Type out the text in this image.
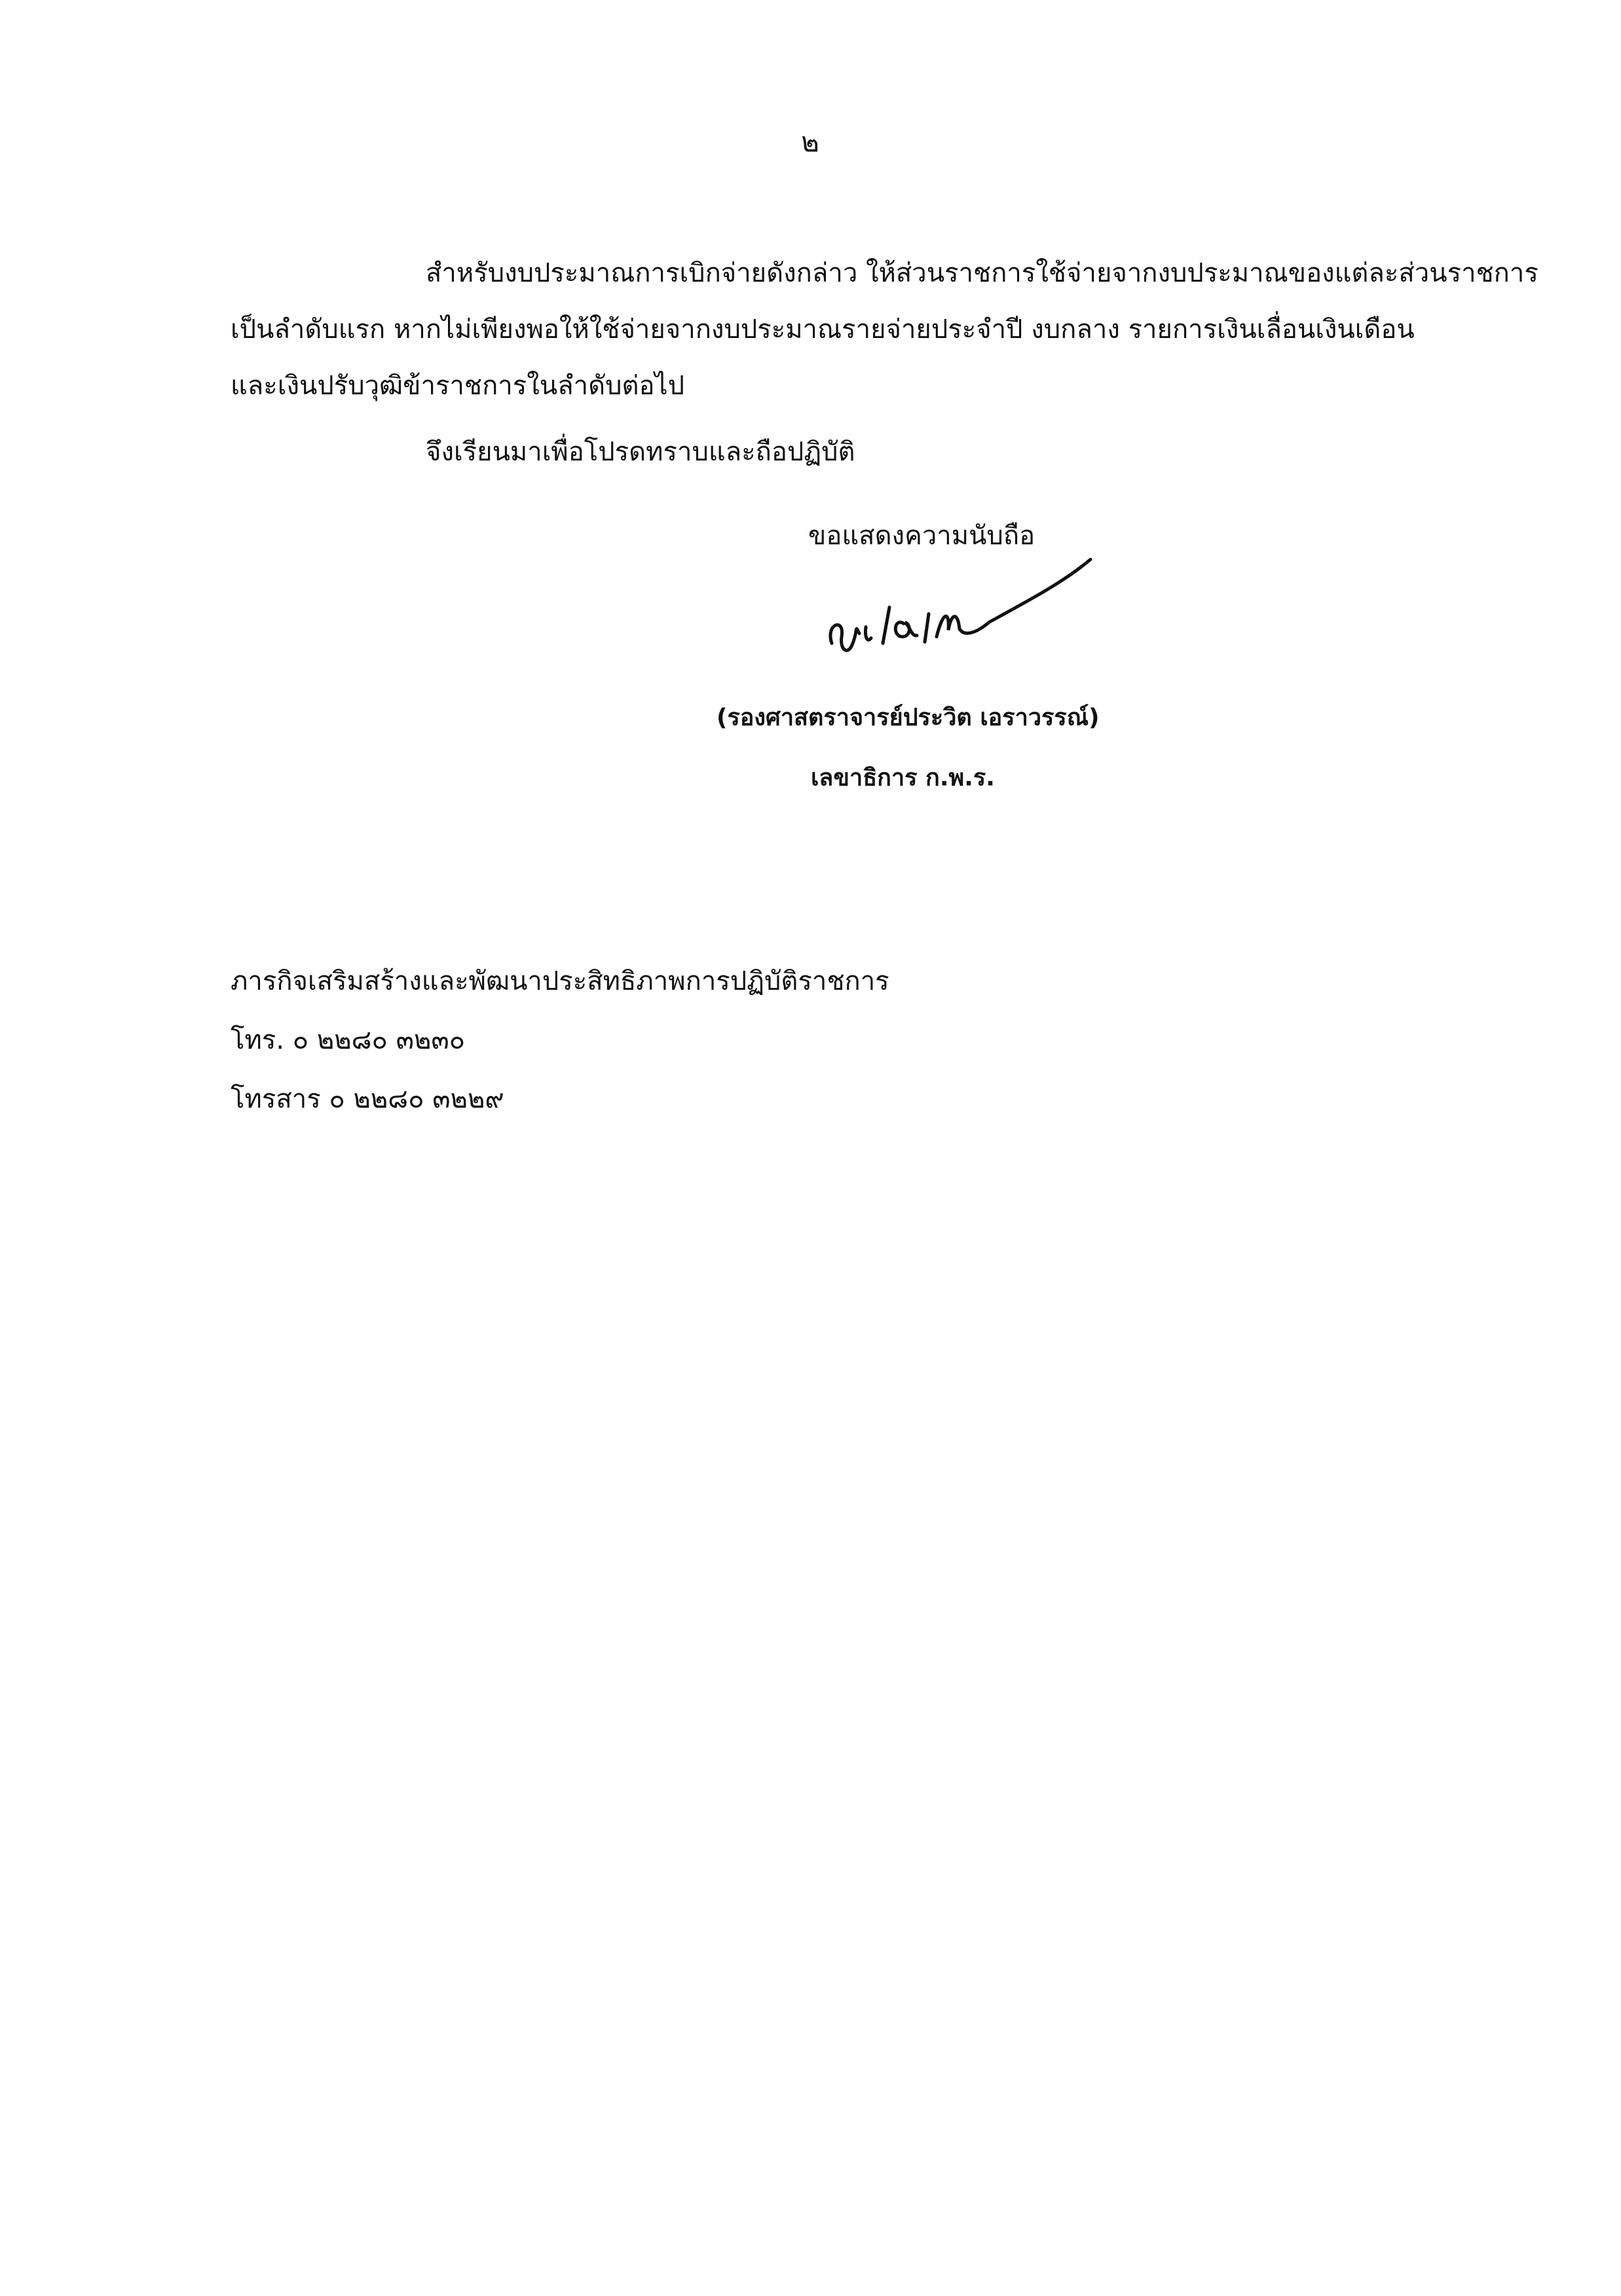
๒
สำหรับงบประมาณการเบิกจ่ายดังกล่าว ให้ส่วนราชการใช้จ่ายจากงบประมาณของแต่ละส่วนราชการ
เป็นลำดับแรก หากไม่เพียงพอให้ใช้จ่ายจากงบประมาณรายจ่ายประจำปี งบกลาง รายการเงินเลื่อนเงินเดือน
และเงินปรับวุฒิข้าราชการในลำดับต่อไป
จึงเรียนมาเพื่อโปรดทราบและถือปฏิบัติ
ขอแสดงความนับถือ
(รองศาสตราจารย์ประวิต เอราวรรณ์)
เลขาธิการ ก.พ.ร.
ภารกิจเสริมสร้างและพัฒนาประสิทธิภาพการปฏิบัติราชการ
โทร. ๐ ๒๒๘๐ ๓๒๓๐
โทรสาร ๐ ๒๒๘๐ ๓๒๒๙
